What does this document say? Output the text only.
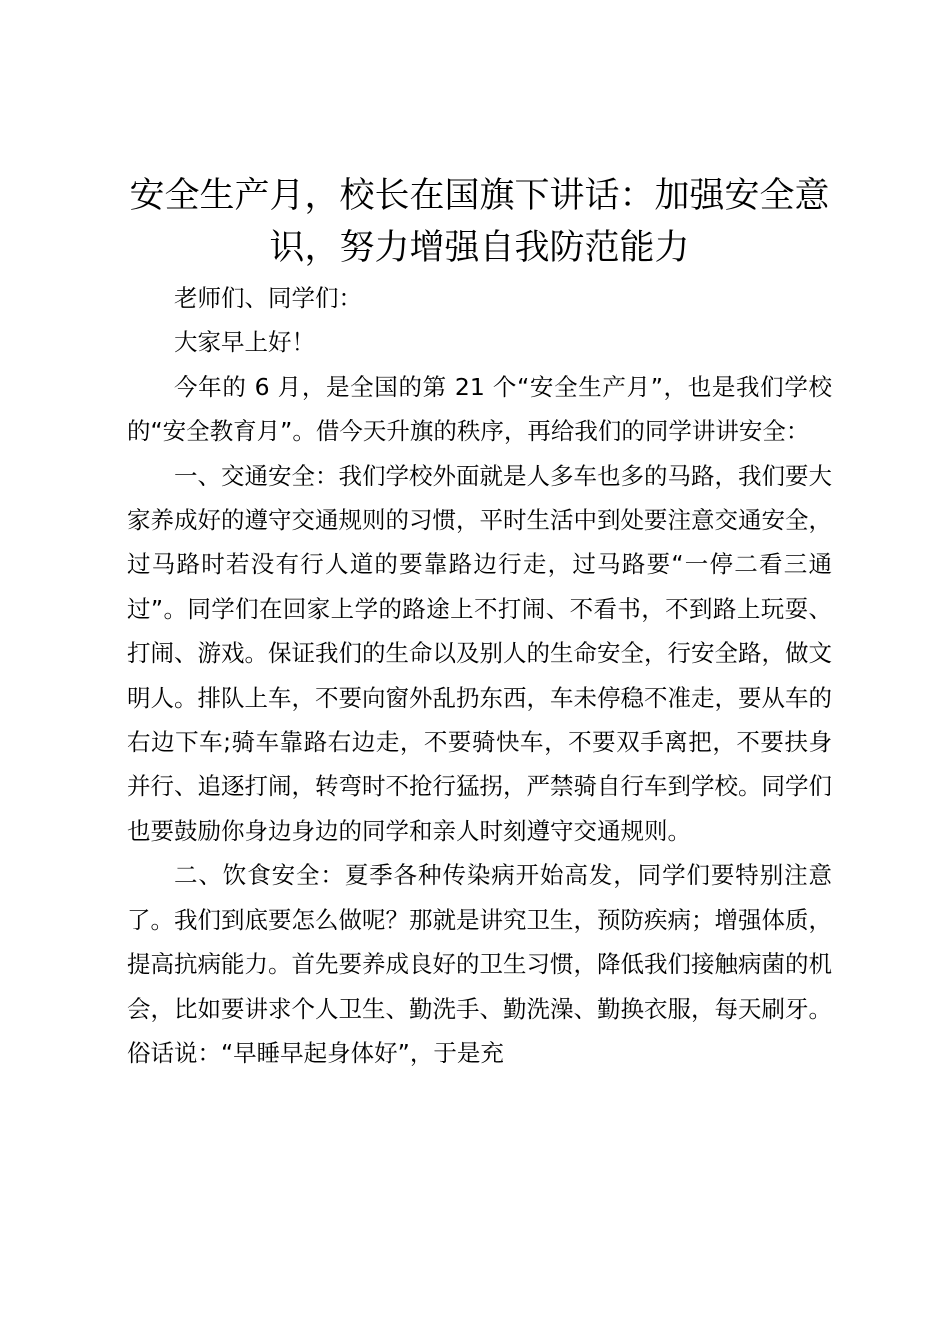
安全生产月，校长在国旗下讲话：加强安全意识，努力增强自我防范能力

老师们、同学们：

大家早上好！

今年的 6 月，是全国的第 21 个“安全生产月”，也是我们学校的“安全教育月”。借今天升旗的秩序，再给我们的同学讲讲安全：

一、交通安全：我们学校外面就是人多车也多的马路，我们要大家养成好的遵守交通规则的习惯，平时生活中到处要注意交通安全，过马路时若没有行人道的要靠路边行走，过马路要“一停二看三通过”。同学们在回家上学的路途上不打闹、不看书，不到路上玩耍、打闹、游戏。保证我们的生命以及别人的生命安全，行安全路，做文明人。排队上车，不要向窗外乱扔东西，车未停稳不准走，要从车的右边下车;骑车靠路右边走，不要骑快车，不要双手离把，不要扶身并行、追逐打闹，转弯时不抢行猛拐，严禁骑自行车到学校。同学们也要鼓励你身边身边的同学和亲人时刻遵守交通规则。

二、饮食安全：夏季各种传染病开始高发，同学们要特别注意了。我们到底要怎么做呢？那就是讲究卫生，预防疾病；增强体质，提高抗病能力。首先要养成良好的卫生习惯，降低我们接触病菌的机会，比如要讲求个人卫生、勤洗手、勤洗澡、勤换衣服，每天刷牙。俗话说：“早睡早起身体好”，于是充
